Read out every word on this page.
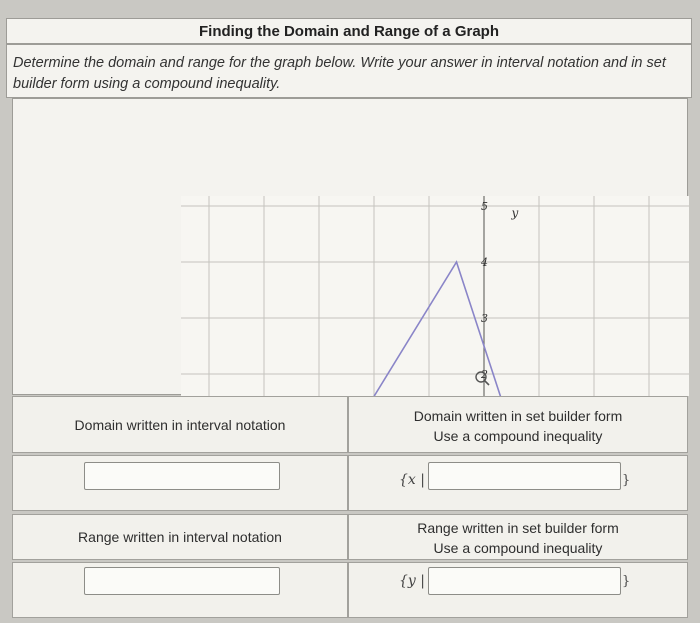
Finding the Domain and Range of a Graph
Determine the domain and range for the graph below. Write your answer in interval notation and in set builder form using a compound inequality.
5
4
3
2
y
Domain written in interval notation
Domain written in set builder form
Use a compound inequality
{x |	}
Range written in interval notation
Range written in set builder form
Use a compound inequality
{y |	}
